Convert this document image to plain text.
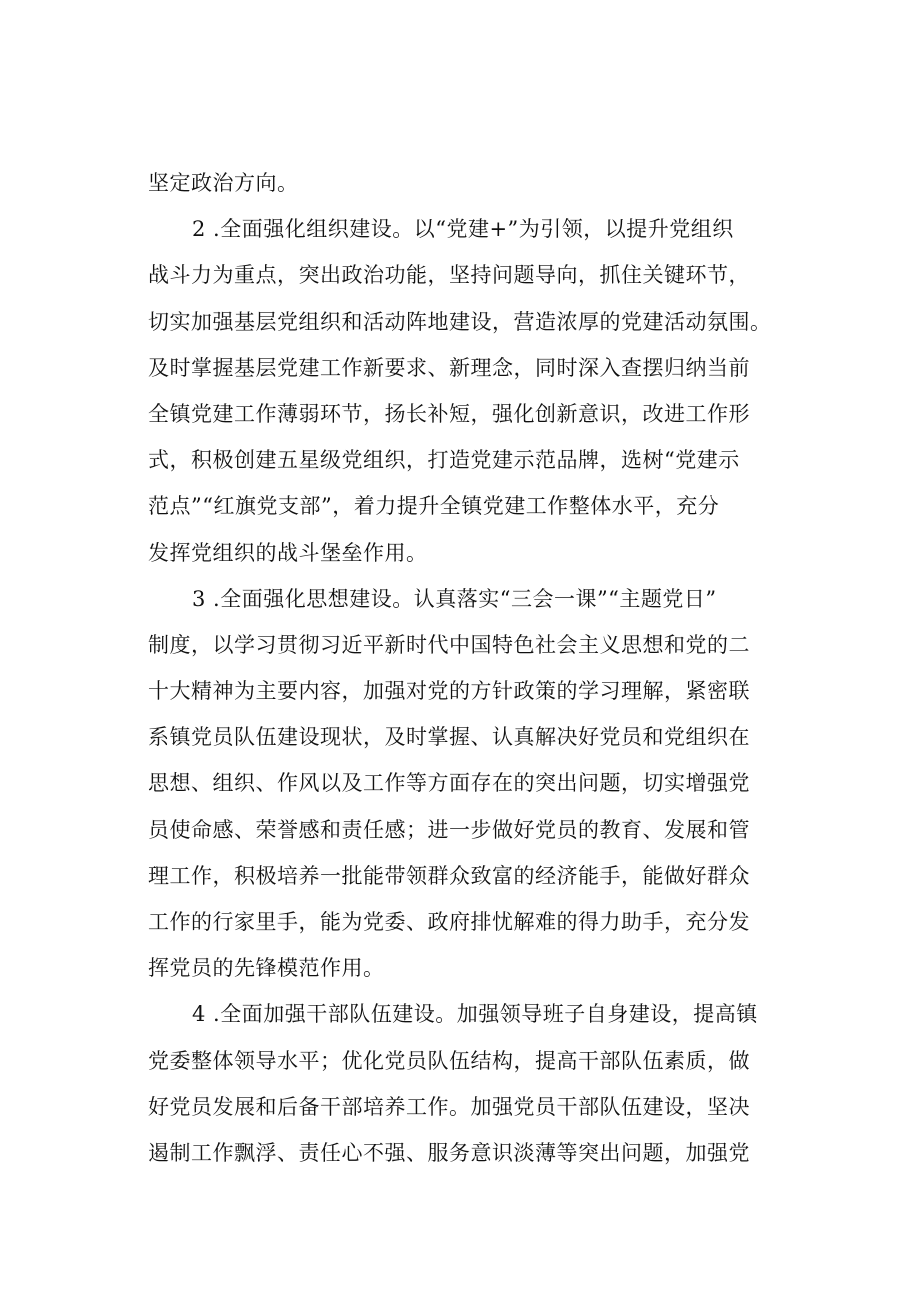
坚定政治方向。
2 .全面强化组织建设。以“党建+”为引领，以提升党组织
战斗力为重点，突出政治功能，坚持问题导向，抓住关键环节，
切实加强基层党组织和活动阵地建设，营造浓厚的党建活动氛围。
及时掌握基层党建工作新要求、新理念，同时深入查摆归纳当前
全镇党建工作薄弱环节，扬长补短，强化创新意识，改进工作形
式，积极创建五星级党组织，打造党建示范品牌，选树“党建示
范点”“红旗党支部”，着力提升全镇党建工作整体水平，充分
发挥党组织的战斗堡垒作用。
3 .全面强化思想建设。认真落实“三会一课”“主题党日”
制度，以学习贯彻习近平新时代中国特色社会主义思想和党的二
十大精神为主要内容，加强对党的方针政策的学习理解，紧密联
系镇党员队伍建设现状，及时掌握、认真解决好党员和党组织在
思想、组织、作风以及工作等方面存在的突出问题，切实增强党
员使命感、荣誉感和责任感；进一步做好党员的教育、发展和管
理工作，积极培养一批能带领群众致富的经济能手，能做好群众
工作的行家里手，能为党委、政府排忧解难的得力助手，充分发
挥党员的先锋模范作用。
4 .全面加强干部队伍建设。加强领导班子自身建设，提高镇
党委整体领导水平；优化党员队伍结构，提高干部队伍素质，做
好党员发展和后备干部培养工作。加强党员干部队伍建设，坚决
遏制工作飘浮、责任心不强、服务意识淡薄等突出问题，加强党
